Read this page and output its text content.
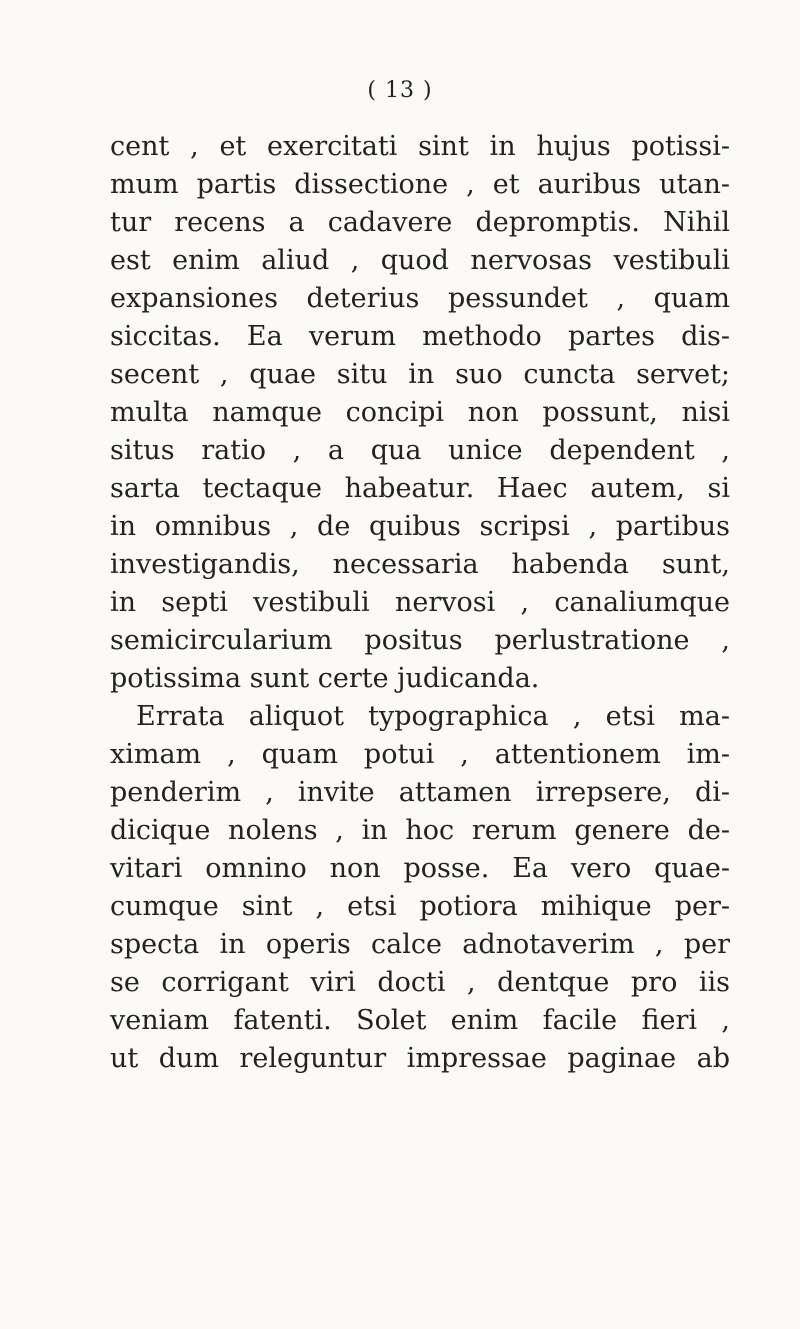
( 13 )
cent , et exercitati sint in hujus potissi-
mum partis dissectione , et auribus utan-
tur recens a cadavere depromptis. Nihil
est enim aliud , quod nervosas vestibuli
expansiones deterius pessundet , quam
siccitas. Ea verum methodo partes dis-
secent , quae situ in suo cuncta servet;
multa namque concipi non possunt, nisi
situs ratio , a qua unice dependent ,
sarta tectaque habeatur. Haec autem, si
in omnibus , de quibus scripsi , partibus
investigandis, necessaria habenda sunt,
in septi vestibuli nervosi , canaliumque
semicircularium positus perlustratione ,
potissima sunt certe judicanda.
Errata aliquot typographica , etsi ma-
ximam , quam potui , attentionem im-
penderim , invite attamen irrepsere, di-
dicique nolens , in hoc rerum genere de-
vitari omnino non posse. Ea vero quae-
cumque sint , etsi potiora mihique per-
specta in operis calce adnotaverim , per
se corrigant viri docti , dentque pro iis
veniam fatenti. Solet enim facile fieri ,
ut dum releguntur impressae paginae ab
